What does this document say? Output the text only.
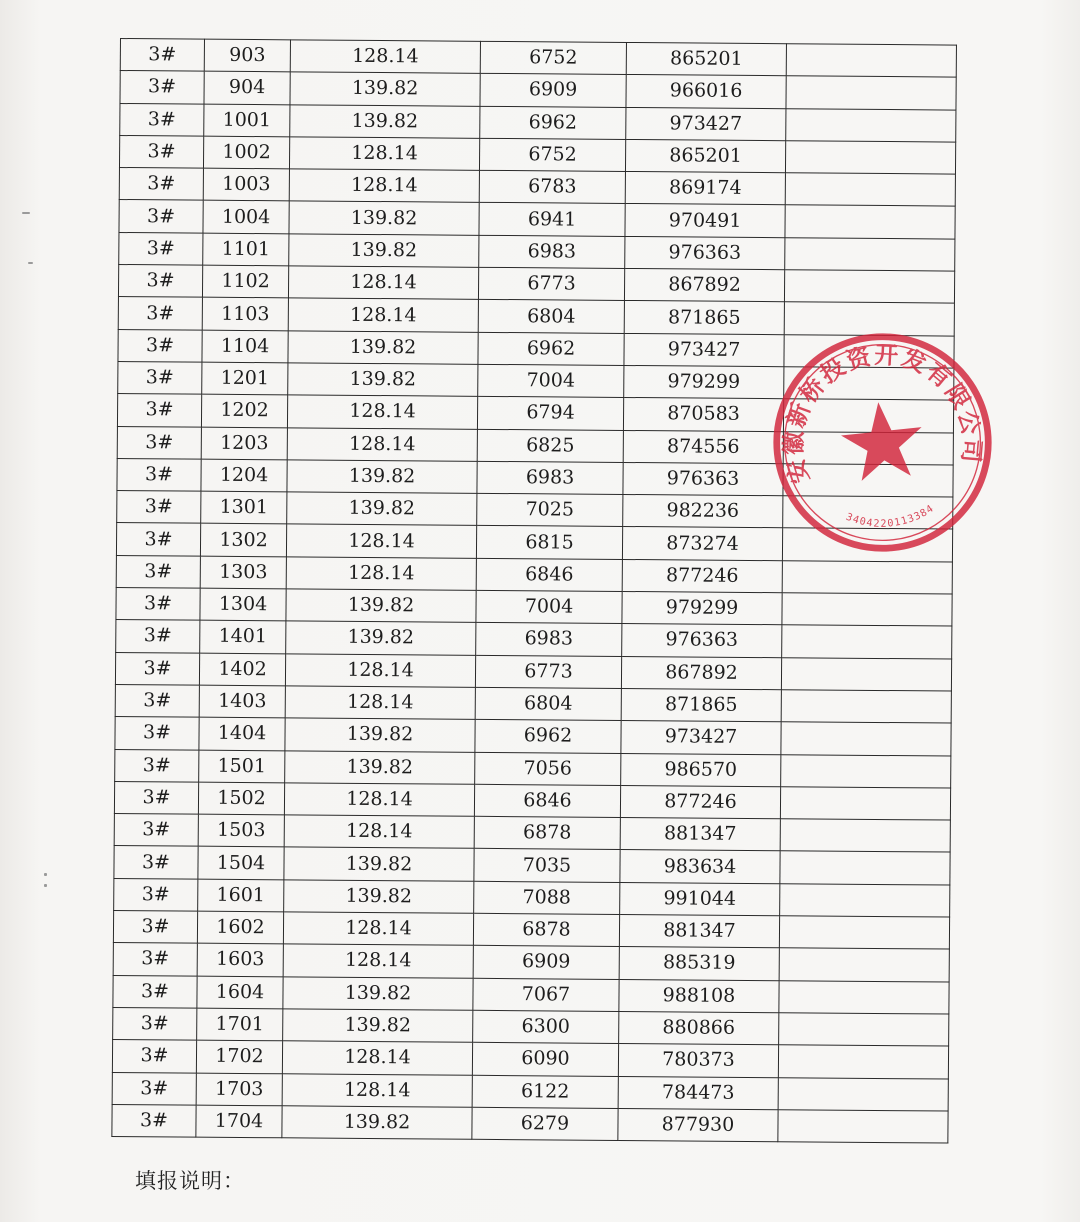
3#	903	128.14	6752	865201	
3#	904	139.82	6909	966016	
3#	1001	139.82	6962	973427	
3#	1002	128.14	6752	865201	
3#	1003	128.14	6783	869174	
3#	1004	139.82	6941	970491	
3#	1101	139.82	6983	976363	
3#	1102	128.14	6773	867892	
3#	1103	128.14	6804	871865	
3#	1104	139.82	6962	973427	
3#	1201	139.82	7004	979299	
3#	1202	128.14	6794	870583	
3#	1203	128.14	6825	874556	
3#	1204	139.82	6983	976363	
3#	1301	139.82	7025	982236	
3#	1302	128.14	6815	873274	
3#	1303	128.14	6846	877246	
3#	1304	139.82	7004	979299	
3#	1401	139.82	6983	976363	
3#	1402	128.14	6773	867892	
3#	1403	128.14	6804	871865	
3#	1404	139.82	6962	973427	
3#	1501	139.82	7056	986570	
3#	1502	128.14	6846	877246	
3#	1503	128.14	6878	881347	
3#	1504	139.82	7035	983634	
3#	1601	139.82	7088	991044	
3#	1602	128.14	6878	881347	
3#	1603	128.14	6909	885319	
3#	1604	139.82	7067	988108	
3#	1701	139.82	6300	880866	
3#	1702	128.14	6090	780373	
3#	1703	128.14	6122	784473	
3#	1704	139.82	6279	877930	
填报说明：
安徽新桥投资开发有限公司
3404220113384
